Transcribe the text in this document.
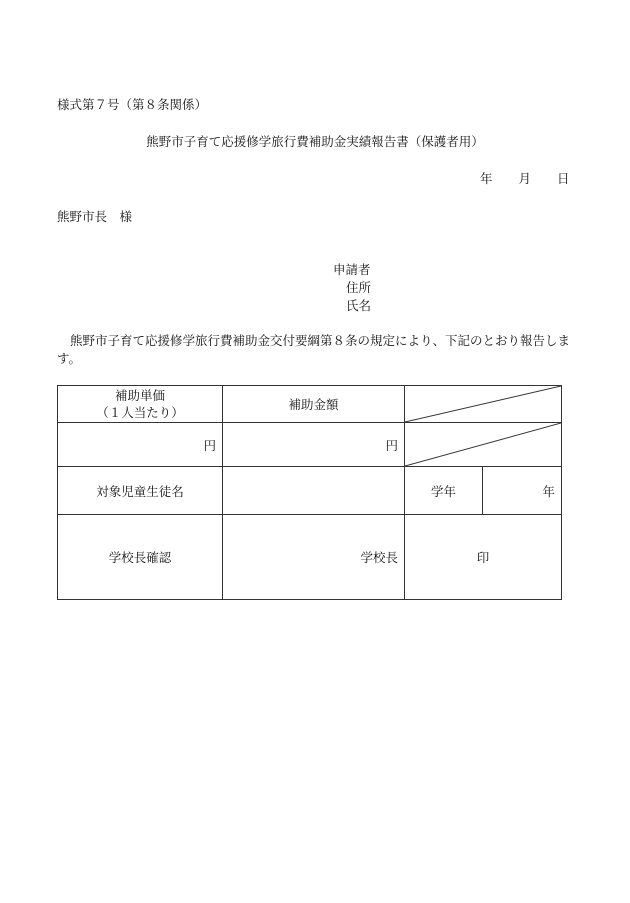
様式第７号（第８条関係）
熊野市子育て応援修学旅行費補助金実績報告書（保護者用）
年 月 日
熊野市長　様
申請者
住所
氏名
熊野市子育て応援修学旅行費補助金交付要綱第８条の規定により、下記のとおり報告します。
補助単価
（１人当たり）	補助金額	

円	円	

対象児童生徒名		学年	年
学校長確認	学校長	印	
